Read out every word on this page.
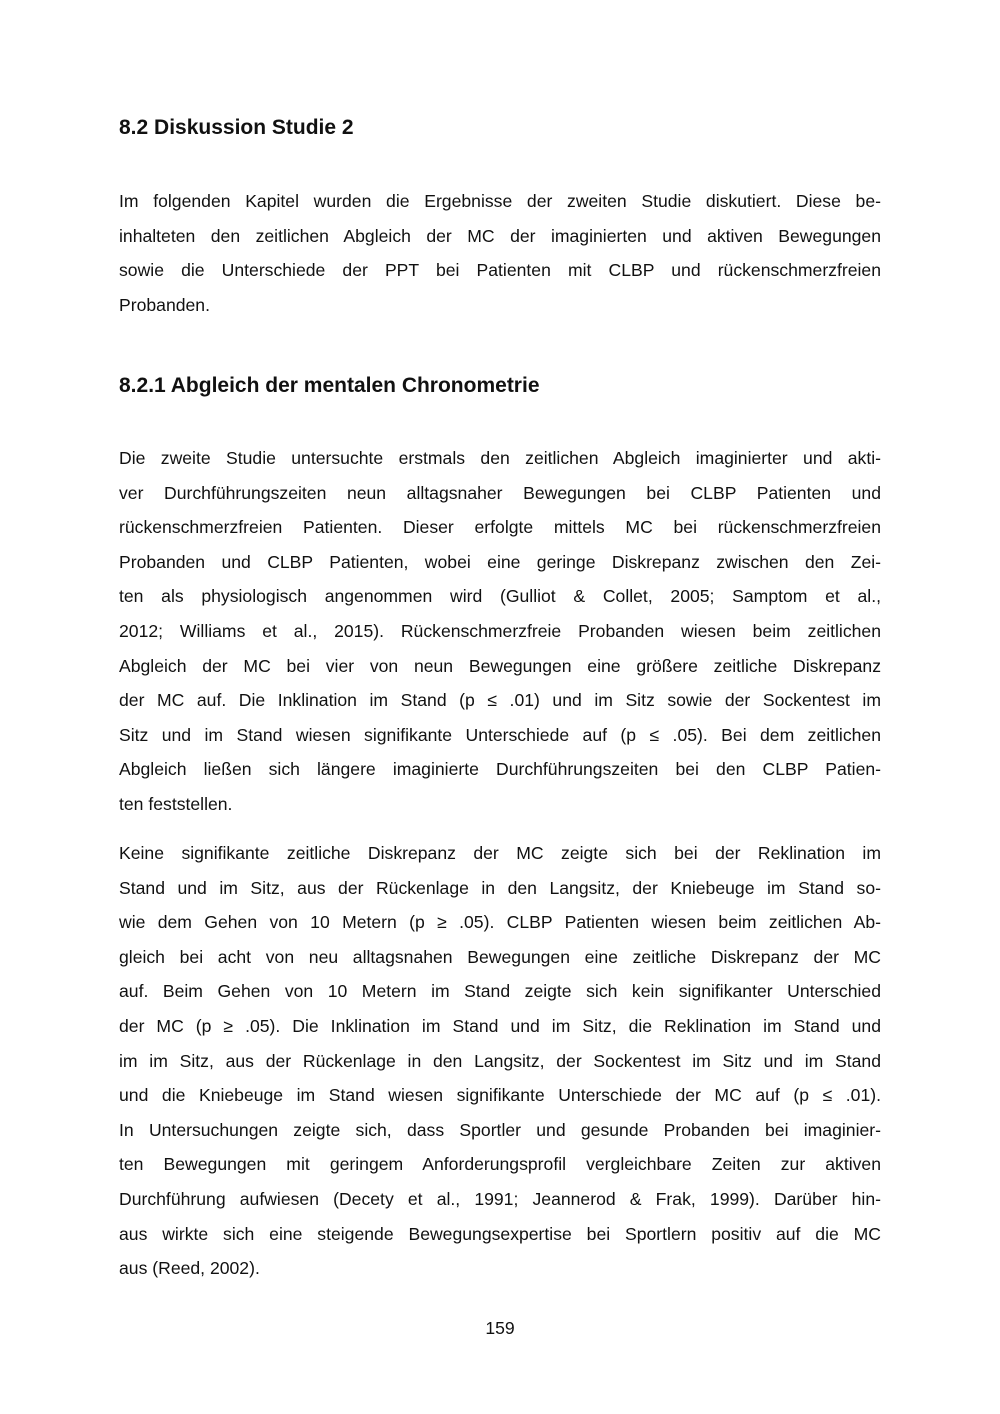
8.2 Diskussion Studie 2
Im folgenden Kapitel wurden die Ergebnisse der zweiten Studie diskutiert. Diese be-
inhalteten den zeitlichen Abgleich der MC der imaginierten und aktiven Bewegungen
sowie die Unterschiede der PPT bei Patienten mit CLBP und rückenschmerzfreien
Probanden.
8.2.1 Abgleich der mentalen Chronometrie
Die zweite Studie untersuchte erstmals den zeitlichen Abgleich imaginierter und akti-
ver Durchführungszeiten neun alltagsnaher Bewegungen bei CLBP Patienten und
rückenschmerzfreien Patienten. Dieser erfolgte mittels MC bei rückenschmerzfreien
Probanden und CLBP Patienten, wobei eine geringe Diskrepanz zwischen den Zei-
ten als physiologisch angenommen wird (Gulliot & Collet, 2005; Samptom et al.,
2012; Williams et al., 2015). Rückenschmerzfreie Probanden wiesen beim zeitlichen
Abgleich der MC bei vier von neun Bewegungen eine größere zeitliche Diskrepanz
der MC auf. Die Inklination im Stand (p ≤ .01) und im Sitz sowie der Sockentest im
Sitz und im Stand wiesen signifikante Unterschiede auf (p ≤ .05). Bei dem zeitlichen
Abgleich ließen sich längere imaginierte Durchführungszeiten bei den CLBP Patien-
ten feststellen.
Keine signifikante zeitliche Diskrepanz der MC zeigte sich bei der Reklination im
Stand und im Sitz, aus der Rückenlage in den Langsitz, der Kniebeuge im Stand so-
wie dem Gehen von 10 Metern (p ≥ .05). CLBP Patienten wiesen beim zeitlichen Ab-
gleich bei acht von neu alltagsnahen Bewegungen eine zeitliche Diskrepanz der MC
auf. Beim Gehen von 10 Metern im Stand zeigte sich kein signifikanter Unterschied
der MC (p ≥ .05). Die Inklination im Stand und im Sitz, die Reklination im Stand und
im im Sitz, aus der Rückenlage in den Langsitz, der Sockentest im Sitz und im Stand
und die Kniebeuge im Stand wiesen signifikante Unterschiede der MC auf (p ≤ .01).
In Untersuchungen zeigte sich, dass Sportler und gesunde Probanden bei imaginier-
ten Bewegungen mit geringem Anforderungsprofil vergleichbare Zeiten zur aktiven
Durchführung aufwiesen (Decety et al., 1991; Jeannerod & Frak, 1999). Darüber hin-
aus wirkte sich eine steigende Bewegungsexpertise bei Sportlern positiv auf die MC
aus (Reed, 2002).

159
